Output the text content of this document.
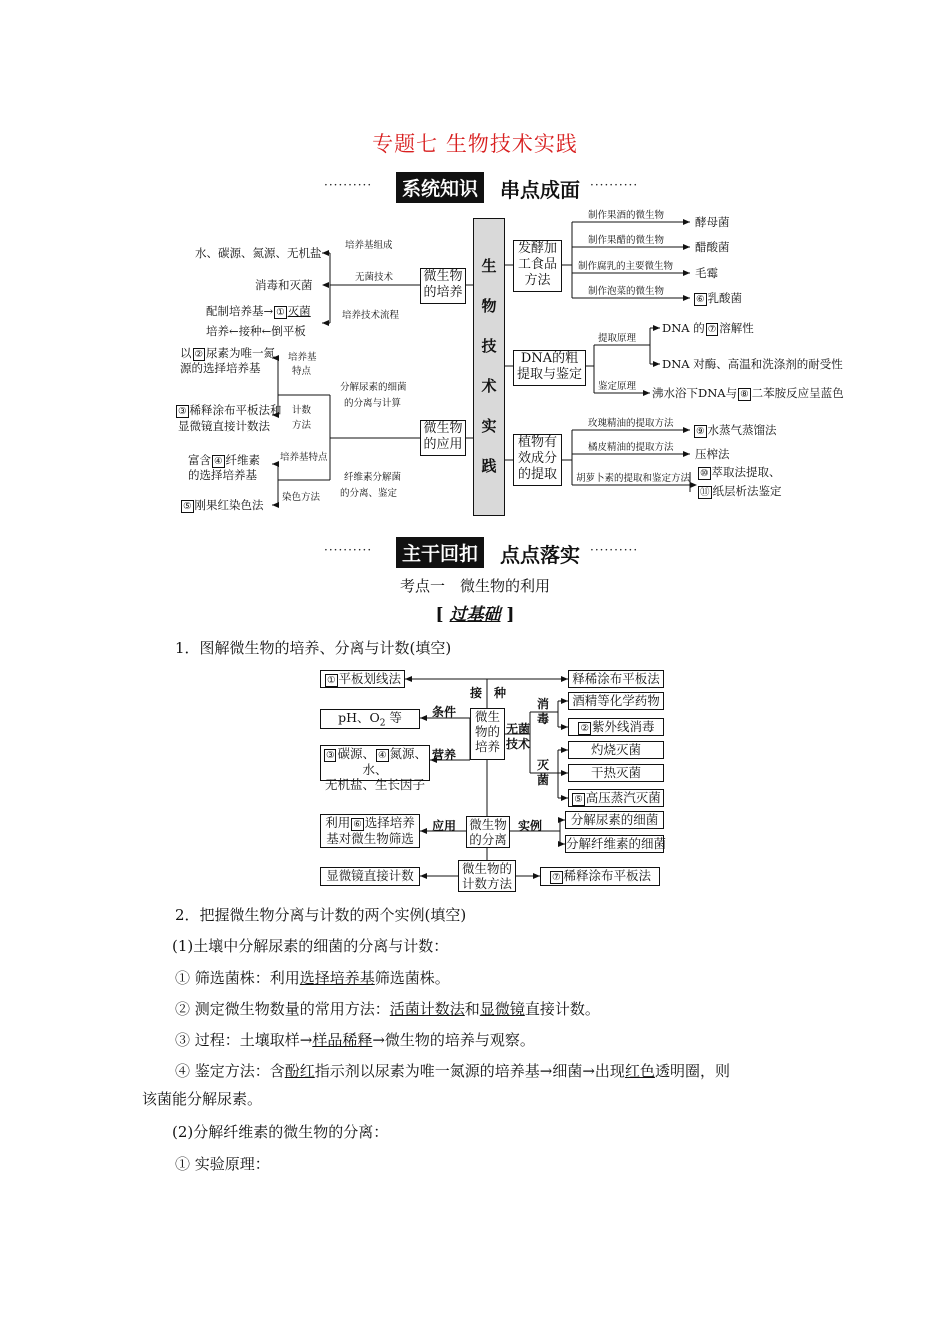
专题七 生物技术实践
··········	系统知识	串点成面 ··········
生
物
技
术
实
践
微生物
的培养
微生物
的应用
培养基组成
无菌技术
培养技术流程
分解尿素的细菌
的分离与计算
纤维素分解菌
的分离、鉴定
培养基
特点
计数
方法
培养基特点
染色方法
水、碳源、氮源、无机盐
消毒和灭菌
配制培养基→ ① 灭菌
培养←接种←倒平板
以 ② 尿素为唯一氮
源的选择培养基
③ 稀释涂布平板法和
显微镜直接计数法
富含 ④ 纤维素
的选择培养基
⑤ 刚果红染色法
发酵加
工食品
方法
DNA的粗
提取与鉴定
植物有
效成分
的提取
制作果酒的微生物
制作果醋的微生物
制作腐乳的主要微生物
制作泡菜的微生物
提取原理
鉴定原理
玫瑰精油的提取方法
橘皮精油的提取方法
胡萝卜素的提取和鉴定方法
酵母菌
醋酸菌
毛霉
⑥ 乳酸菌
DNA 的 ⑦ 溶解性
DNA 对酶、高温和洗涤剂的耐受性
沸水浴下DNA与 ⑧ 二苯胺反应呈蓝色
⑨ 水蒸气蒸馏法
压榨法
⑩ 萃取法提取、
⑪ 纸层析法鉴定
··········	主干回扣	点点落实 ··········
考点一　微生物的利用
[ 过基础 ]
1．图解微生物的培养、分离与计数(填空)
① 平板划线法	释稀涂布平板法
接　种
条件
pH、$O_2$ 等
③ 碳源、 ④ 氮源、水、
无机盐、生长因子
营养
微生
物的
培养
无菌
技术
消
毒
灭
菌
酒精等化学药物
② 紫外线消毒
灼烧灭菌
干热灭菌
⑤ 高压蒸汽灭菌
利用 ⑥ 选择培养
基对微生物筛选
应用 微生物
的分离
实例	分解尿素的细菌
分解纤维素的细菌
显微镜直接计数	微生物的
计数方法	⑦ 稀释涂布平板法
2．把握微生物分离与计数的两个实例(填空)
(1)土壤中分解尿素的细菌的分离与计数：
① 筛选菌株：利用选择培养基筛选菌株。
② 测定微生物数量的常用方法：活菌计数法和显微镜直接计数。
③ 过程：土壤取样→样品稀释→微生物的培养与观察。
④ 鉴定方法：含酚红指示剂以尿素为唯一氮源的培养基→细菌→出现红色透明圈，则
该菌能分解尿素。
(2)分解纤维素的微生物的分离：
① 实验原理：
